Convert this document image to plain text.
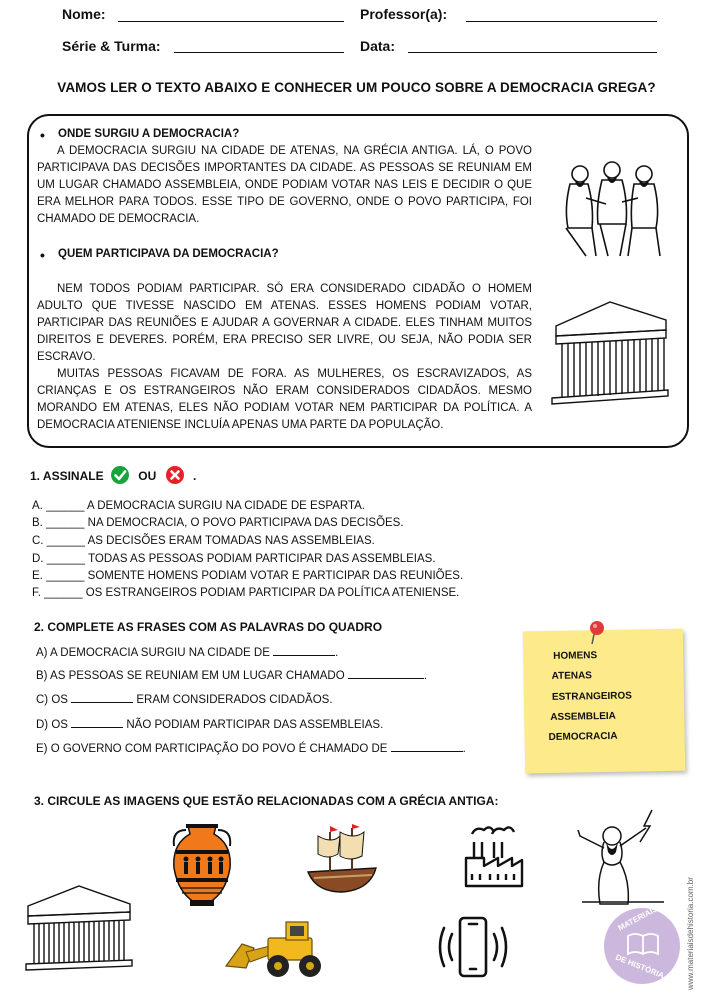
Nome:	Professor(a):
Série & Turma:	Data:
VAMOS LER O TEXTO ABAIXO E CONHECER UM POUCO SOBRE A DEMOCRACIA GREGA?
• ONDE SURGIU A DEMOCRACIA?

A DEMOCRACIA SURGIU NA CIDADE DE ATENAS, NA GRÉCIA ANTIGA. LÁ, O POVO PARTICIPAVA DAS DECISÕES IMPORTANTES DA CIDADE. AS PESSOAS SE REUNIAM EM UM LUGAR CHAMADO ASSEMBLEIA, ONDE PODIAM VOTAR NAS LEIS E DECIDIR O QUE ERA MELHOR PARA TODOS. ESSE TIPO DE GOVERNO, ONDE O POVO PARTICIPA, FOI CHAMADO DE DEMOCRACIA.

• QUEM PARTICIPAVA DA DEMOCRACIA?

NEM TODOS PODIAM PARTICIPAR. SÓ ERA CONSIDERADO CIDADÃO O HOMEM ADULTO QUE TIVESSE NASCIDO EM ATENAS. ESSES HOMENS PODIAM VOTAR, PARTICIPAR DAS REUNIÕES E AJUDAR A GOVERNAR A CIDADE. ELES TINHAM MUITOS DIREITOS E DEVERES. PORÉM, ERA PRECISO SER LIVRE, OU SEJA, NÃO PODIA SER ESCRAVO.

MUITAS PESSOAS FICAVAM DE FORA. AS MULHERES, OS ESCRAVIZADOS, AS CRIANÇAS E OS ESTRANGEIROS NÃO ERAM CONSIDERADOS CIDADÃOS. MESMO MORANDO EM ATENAS, ELES NÃO PODIAM VOTAR NEM PARTICIPAR DA POLÍTICA. A DEMOCRACIA ATENIENSE INCLUÍA APENAS UMA PARTE DA POPULAÇÃO.

1. ASSINALE	OU	.
A. ______ A DEMOCRACIA SURGIU NA CIDADE DE ESPARTA.
B. ______ NA DEMOCRACIA, O POVO PARTICIPAVA DAS DECISÕES.
C. ______ AS DECISÕES ERAM TOMADAS NAS ASSEMBLEIAS.
D. ______ TODAS AS PESSOAS PODIAM PARTICIPAR DAS ASSEMBLEIAS.
E. ______ SOMENTE HOMENS PODIAM VOTAR E PARTICIPAR DAS REUNIÕES.
F. ______ OS ESTRANGEIROS PODIAM PARTICIPAR DA POLÍTICA ATENIENSE.
2. COMPLETE AS FRASES COM AS PALAVRAS DO QUADRO
A) A DEMOCRACIA SURGIU NA CIDADE DE	.
B) AS PESSOAS SE REUNIAM EM UM LUGAR CHAMADO	.
C) OS	ERAM CONSIDERADOS CIDADÃOS.
D) OS	NÃO PODIAM PARTICIPAR DAS ASSEMBLEIAS.
E) O GOVERNO COM PARTICIPAÇÃO DO POVO É CHAMADO DE	.
HOMENS
ATENAS
ESTRANGEIROS
ASSEMBLEIA
DEMOCRACIA
3. CIRCULE AS IMAGENS QUE ESTÃO RELACIONADAS COM A GRÉCIA ANTIGA:
MATERIAIS
DE HISTÓRIA	www.materiaisdehistoria.com.br
